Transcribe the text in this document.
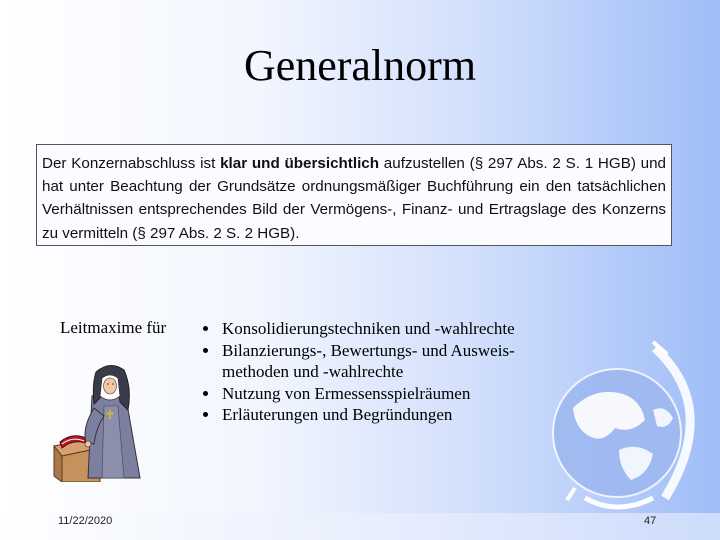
Generalnorm
Der Konzernabschluss ist klar und übersichtlich aufzustellen (§ 297 Abs. 2 S. 1 HGB) und hat unter Beachtung der Grundsätze ordnungsmäßiger Buchführung ein den tatsächlichen Verhältnissen entsprechendes Bild der Vermögens-, Finanz- und Ertragslage des Konzerns zu vermitteln (§ 297 Abs. 2 S. 2 HGB).
Leitmaxime für	Konsolidierungstechniken und -wahlrechte
Bilanzierungs-, Bewertungs- und Ausweis-methoden und -wahlrechte
Nutzung von Ermessensspielräumen
Erläuterungen und Begründungen
11/22/2020	47
